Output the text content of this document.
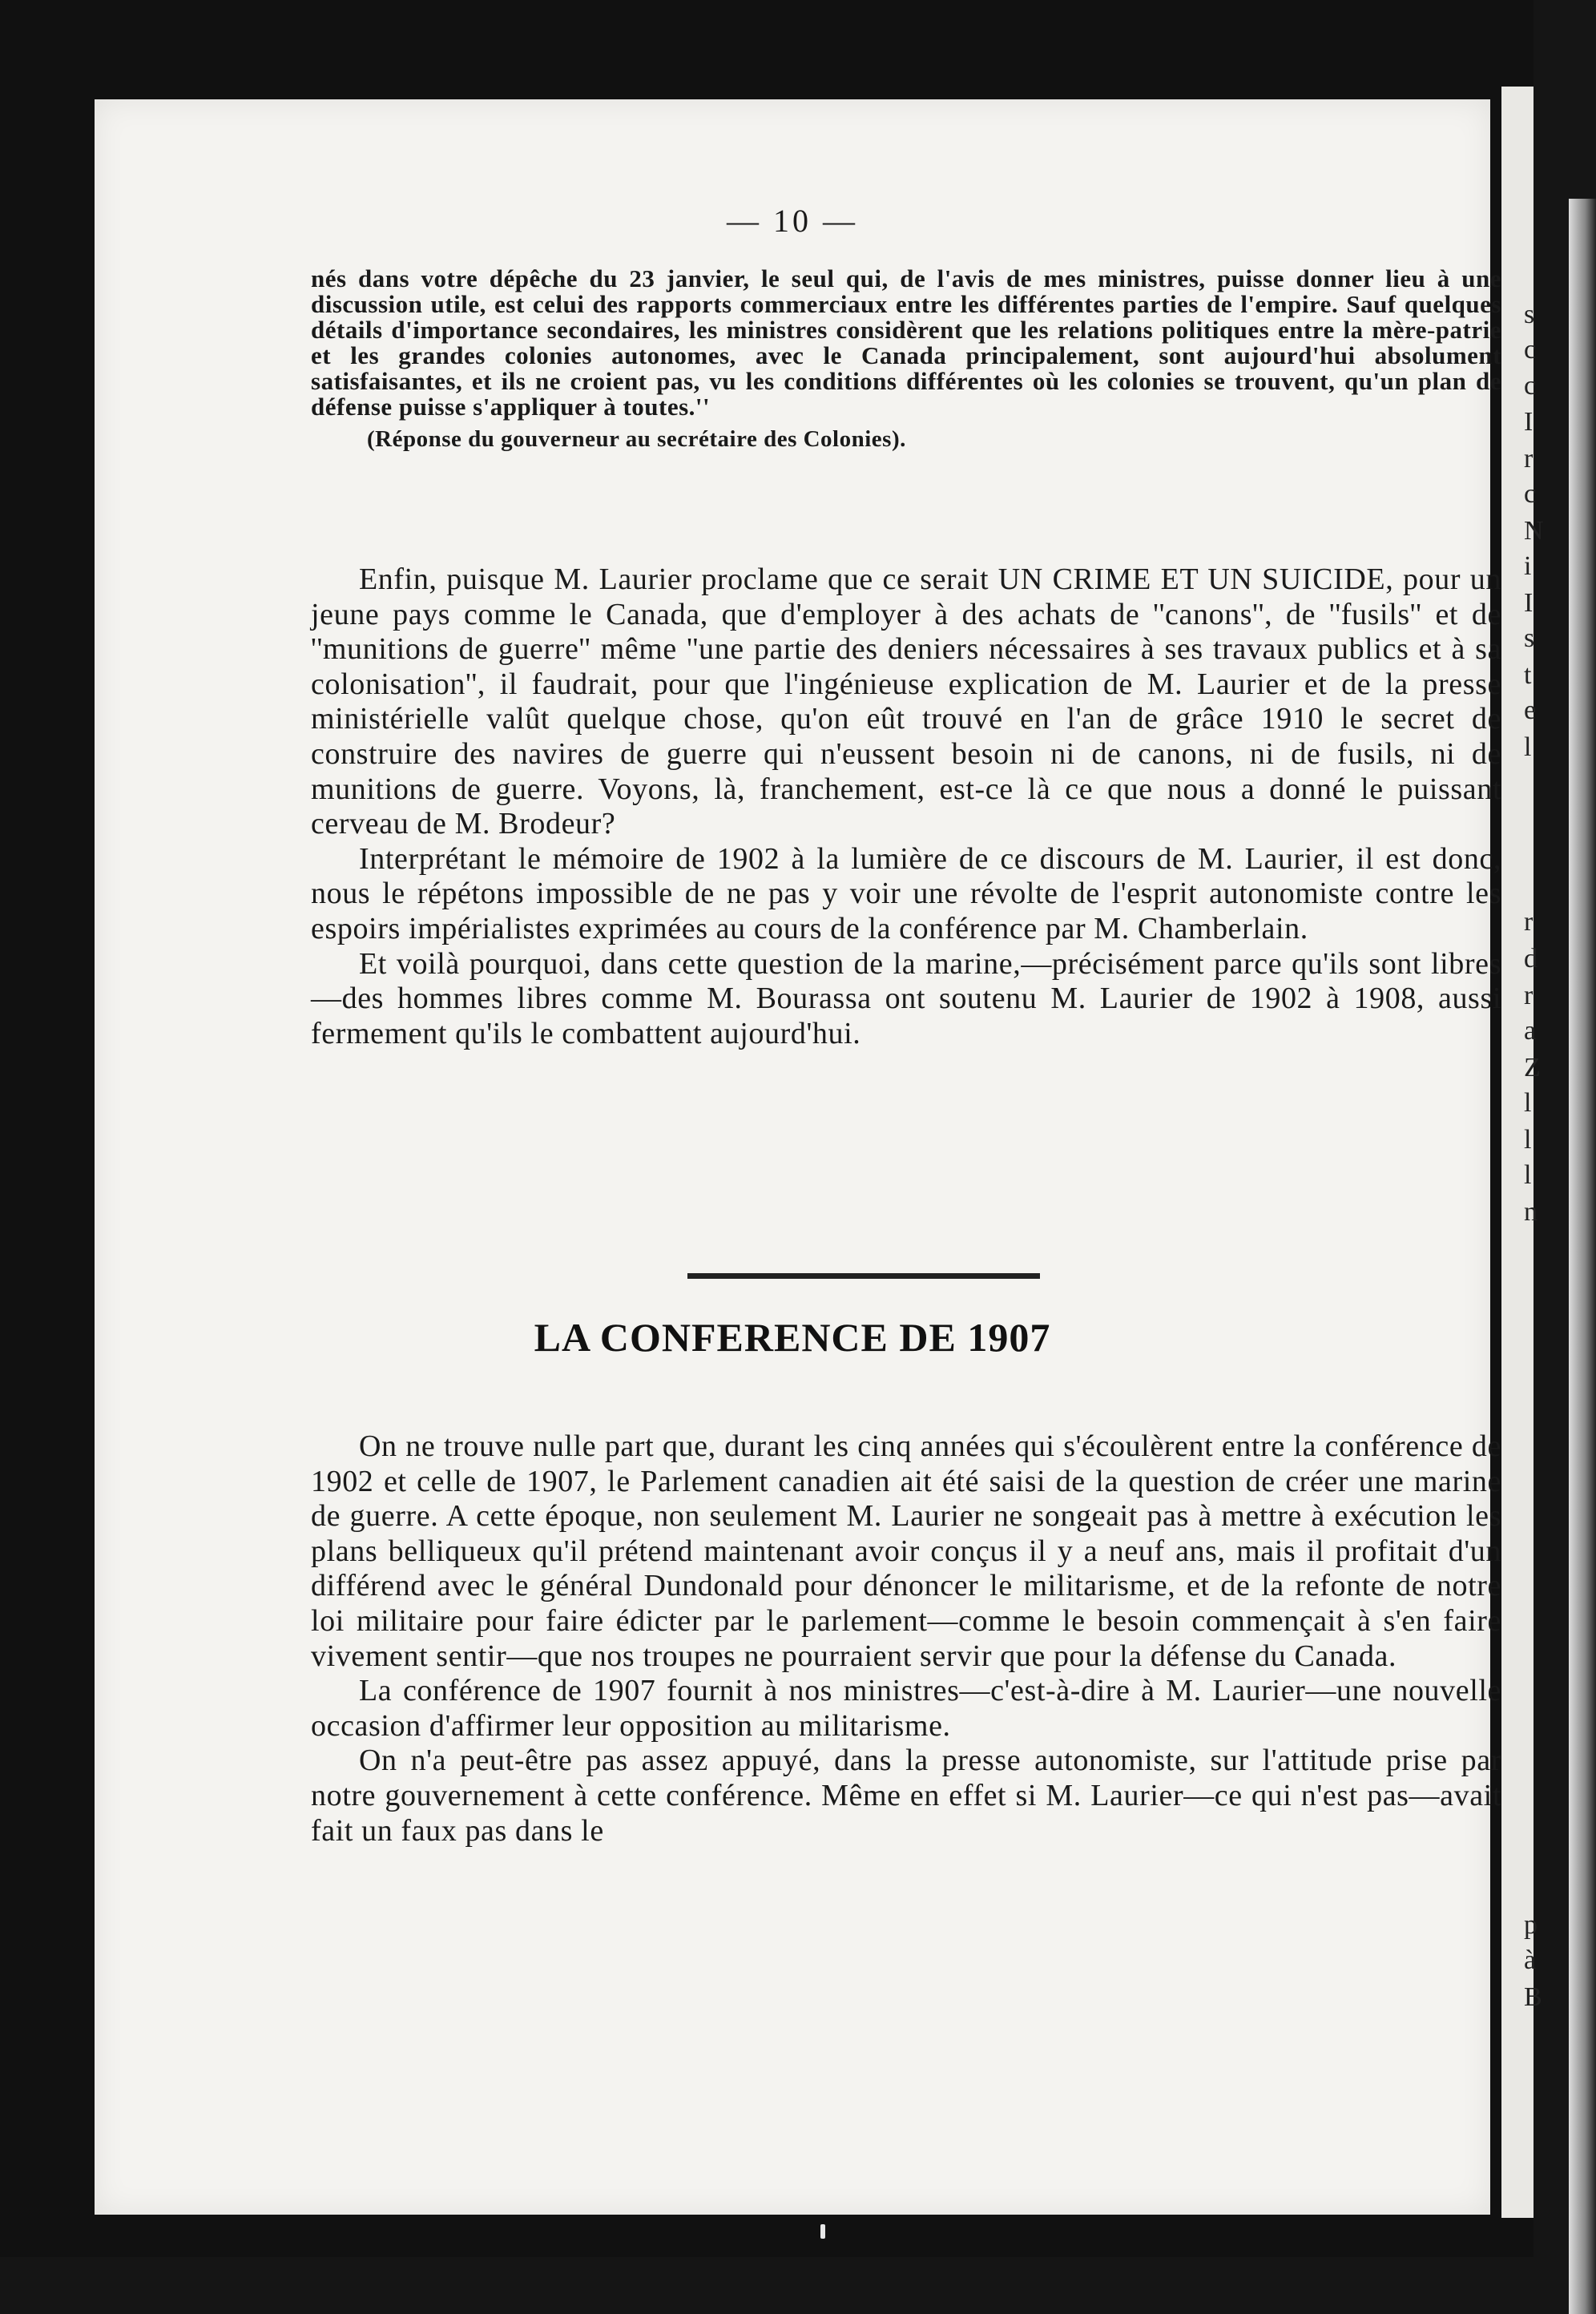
s
c
c
I
r
c
N
i
I
s
t
e
l
r
d
r
a
Z
l
l
l
n
p
à
B
— 10 —

nés dans votre dépêche du 23 janvier, le seul qui, de l'avis de mes ministres, puisse donner lieu à une discussion utile, est celui des rapports commerciaux entre les différentes parties de l'empire. Sauf quelques détails d'importance secondaires, les ministres considèrent que les relations politiques entre la mère-patrie et les grandes colonies autonomes, avec le Canada principalement, sont aujourd'hui absolument satisfaisantes, et ils ne croient pas, vu les conditions différentes où les colonies se trouvent, qu'un plan de défense puisse s'appliquer à toutes.''

(Réponse du gouverneur au secrétaire des Colonies).

Enfin, puisque M. Laurier proclame que ce serait UN CRIME ET UN SUICIDE, pour un jeune pays comme le Canada, que d'employer à des achats de ''canons'', de ''fusils'' et de ''munitions de guerre'' même ''une partie des deniers nécessaires à ses travaux publics et à sa colonisation'', il faudrait, pour que l'ingénieuse explication de M. Laurier et de la presse ministérielle valût quelque chose, qu'on eût trouvé en l'an de grâce 1910 le secret de construire des navires de guerre qui n'eussent besoin ni de canons, ni de fusils, ni de munitions de guerre. Voyons, là, franchement, est-ce là ce que nous a donné le puissant cerveau de M. Brodeur?

Interprétant le mémoire de 1902 à la lumière de ce discours de M. Laurier, il est donc, nous le répétons impossible de ne pas y voir une révolte de l'esprit autonomiste contre les espoirs impérialistes exprimées au cours de la conférence par M. Chamberlain.

Et voilà pourquoi, dans cette question de la marine,—précisément parce qu'ils sont libres—des hommes libres comme M. Bourassa ont soutenu M. Laurier de 1902 à 1908, aussi fermement qu'ils le combattent aujourd'hui.

LA CONFERENCE DE 1907

On ne trouve nulle part que, durant les cinq années qui s'écoulèrent entre la conférence de 1902 et celle de 1907, le Parlement canadien ait été saisi de la question de créer une marine de guerre. A cette époque, non seulement M. Laurier ne songeait pas à mettre à exécution les plans belliqueux qu'il prétend maintenant avoir conçus il y a neuf ans, mais il profitait d'un différend avec le général Dundonald pour dénoncer le militarisme, et de la refonte de notre loi militaire pour faire édicter par le parlement—comme le besoin commençait à s'en faire vivement sentir—que nos troupes ne pourraient servir que pour la défense du Canada.

La conférence de 1907 fournit à nos ministres—c'est-à-dire à M. Laurier—une nouvelle occasion d'affirmer leur opposition au militarisme.

On n'a peut-être pas assez appuyé, dans la presse autonomiste, sur l'attitude prise par notre gouvernement à cette conférence. Même en effet si M. Laurier—ce qui n'est pas—avait fait un faux pas dans le
